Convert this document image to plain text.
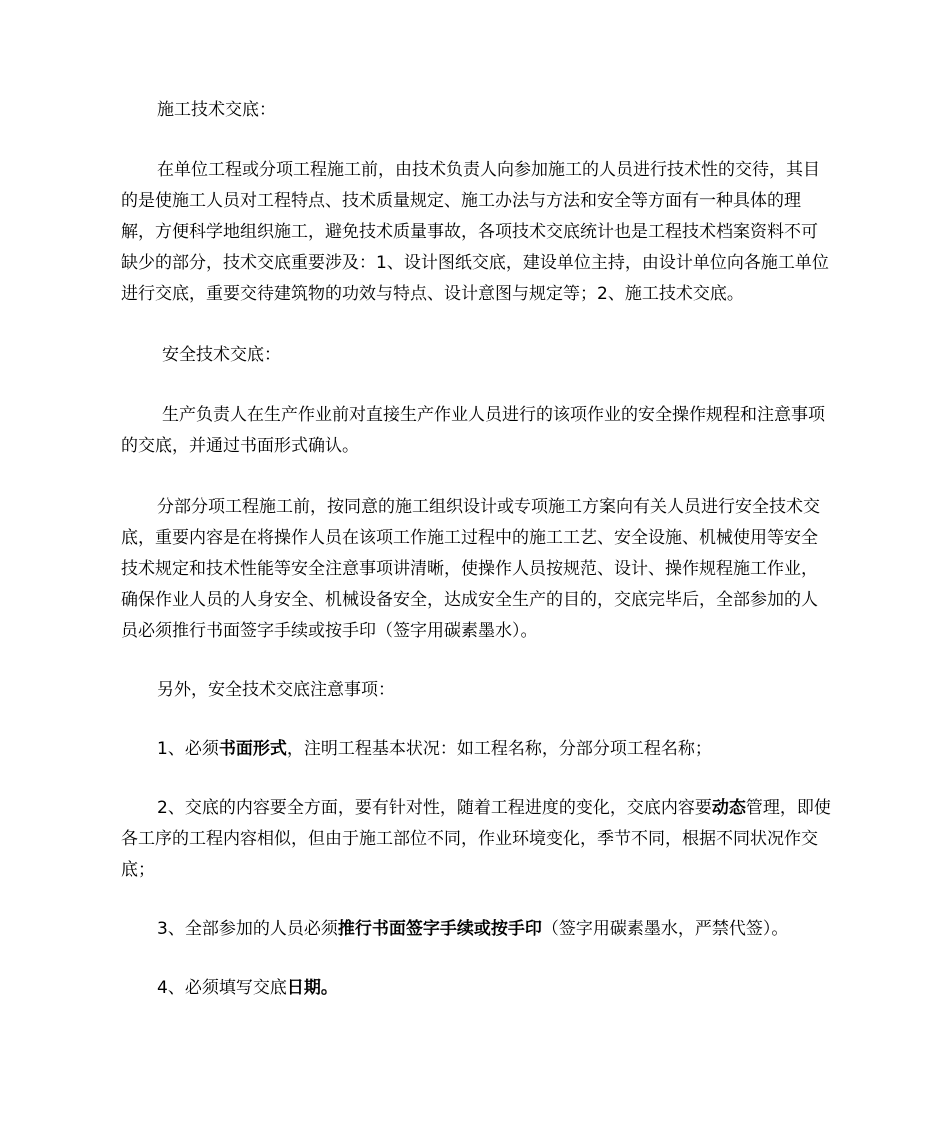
施工技术交底：

在单位工程或分项工程施工前，由技术负责人向参加施工的人员进行技术性的交待，其目的是使施工人员对工程特点、技术质量规定、施工办法与方法和安全等方面有一种具体的理解，方便科学地组织施工，避免技术质量事故，各项技术交底统计也是工程技术档案资料不可缺少的部分，技术交底重要涉及：1、设计图纸交底，建设单位主持，由设计单位向各施工单位进行交底，重要交待建筑物的功效与特点、设计意图与规定等；2、施工技术交底。

安全技术交底：

生产负责人在生产作业前对直接生产作业人员进行的该项作业的安全操作规程和注意事项的交底，并通过书面形式确认。

分部分项工程施工前，按同意的施工组织设计或专项施工方案向有关人员进行安全技术交底，重要内容是在将操作人员在该项工作施工过程中的施工工艺、安全设施、机械使用等安全技术规定和技术性能等安全注意事项讲清晰，使操作人员按规范、设计、操作规程施工作业，确保作业人员的人身安全、机械设备安全，达成安全生产的目的，交底完毕后，全部参加的人员必须推行书面签字手续或按手印（签字用碳素墨水）。

另外，安全技术交底注意事项：

1、必须书面形式，注明工程基本状况：如工程名称，分部分项工程名称；

2、交底的内容要全方面，要有针对性，随着工程进度的变化，交底内容要动态管理，即使各工序的工程内容相似，但由于施工部位不同，作业环境变化，季节不同，根据不同状况作交底；

3、全部参加的人员必须推行书面签字手续或按手印（签字用碳素墨水，严禁代签）。

4、必须填写交底日期。
